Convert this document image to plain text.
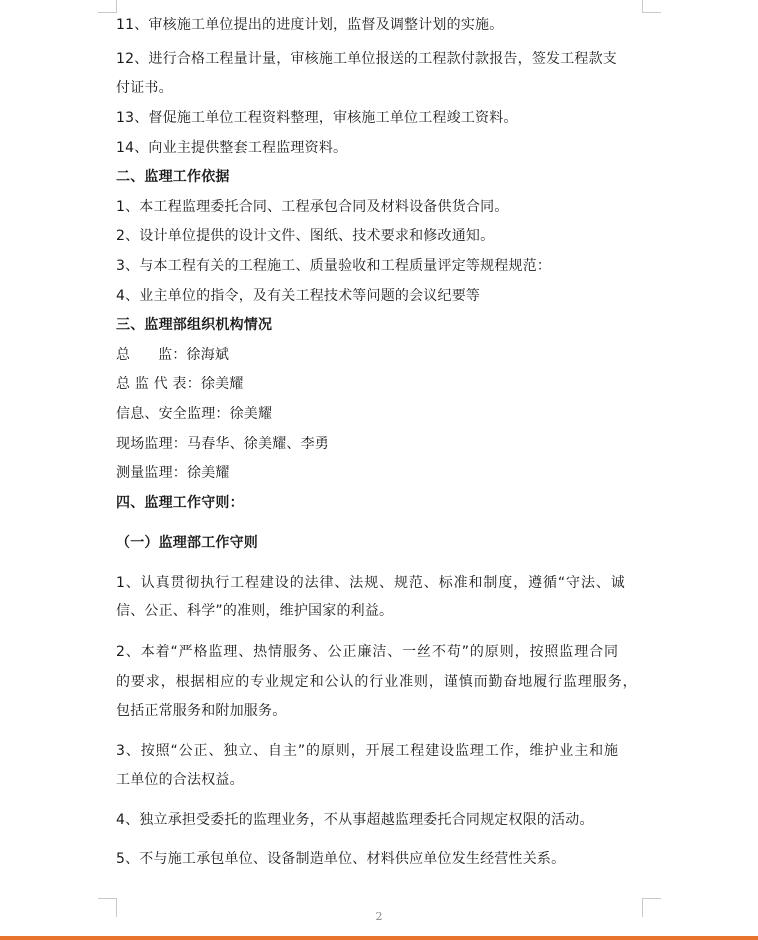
11、审核施工单位提出的进度计划，监督及调整计划的实施。
12、进行合格工程量计量，审核施工单位报送的工程款付款报告，签发工程款支
付证书。
13、督促施工单位工程资料整理，审核施工单位工程竣工资料。
14、向业主提供整套工程监理资料。
二、监理工作依据
1、本工程监理委托合同、工程承包合同及材料设备供货合同。
2、设计单位提供的设计文件、图纸、技术要求和修改通知。
3、与本工程有关的工程施工、质量验收和工程质量评定等规程规范：
4、业主单位的指令，及有关工程技术等问题的会议纪要等
三、监理部组织机构情况
总      监：徐海斌
总 监 代 表：徐美耀
信息、安全监理：徐美耀
现场监理：马春华、徐美耀、李勇
测量监理：徐美耀
四、监理工作守则：
（一）监理部工作守则
1、认真贯彻执行工程建设的法律、法规、规范、标准和制度，遵循“守法、诚
信、公正、科学”的准则，维护国家的利益。
2、本着“严格监理、热情服务、公正廉洁、一丝不苟”的原则，按照监理合同
的要求，根据相应的专业规定和公认的行业准则，谨慎而勤奋地履行监理服务，
包括正常服务和附加服务。
3、按照“公正、独立、自主”的原则，开展工程建设监理工作，维护业主和施
工单位的合法权益。
4、独立承担受委托的监理业务，不从事超越监理委托合同规定权限的活动。
5、不与施工承包单位、设备制造单位、材料供应单位发生经营性关系。
2
